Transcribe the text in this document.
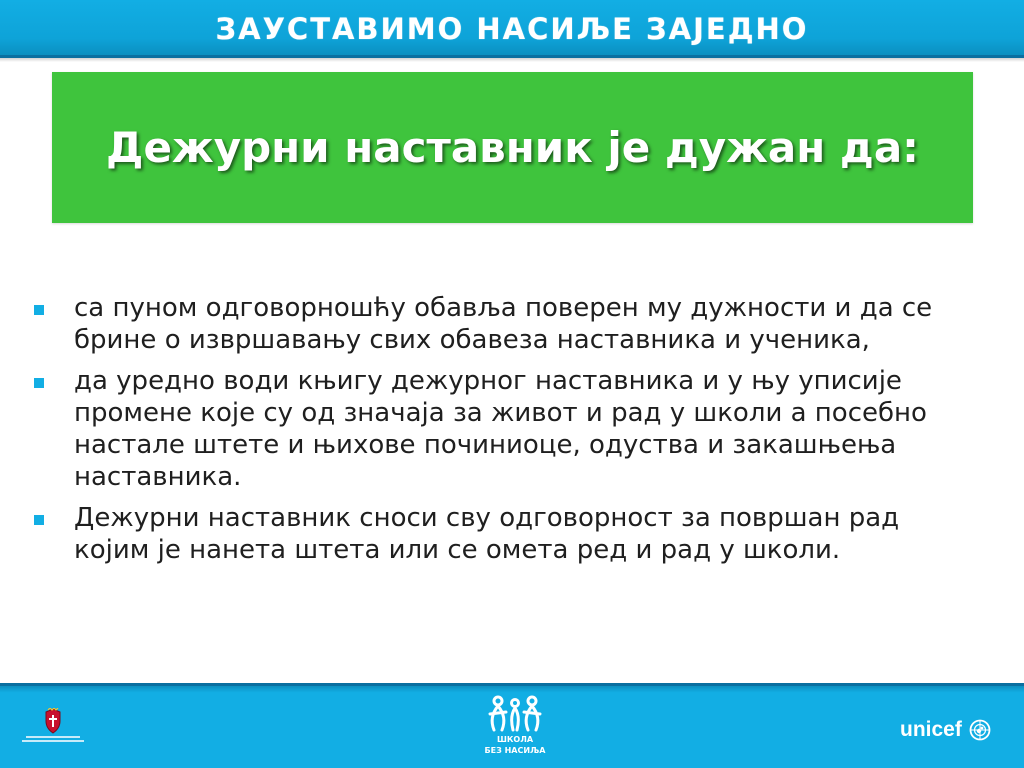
ЗАУСТАВИМО НАСИЉЕ ЗАЈЕДНО
Дежурни наставник је дужан да:
са пуном одговорношћу обавља поверен му дужности и да се брине о извршавању свих обавеза наставника и ученика,
да уредно води књигу дежурног наставника и у њу уписије промене које су од значаја за живот и рад у школи а посебно настале штете и њихове починиоце, одуства и закашњења наставника.
Дежурни наставник сноси сву одговорност за површан рад којим је нанета штета или се омета ред и рад у школи.
ШКОЛА
БЕЗ НАСИЉА
unicef
